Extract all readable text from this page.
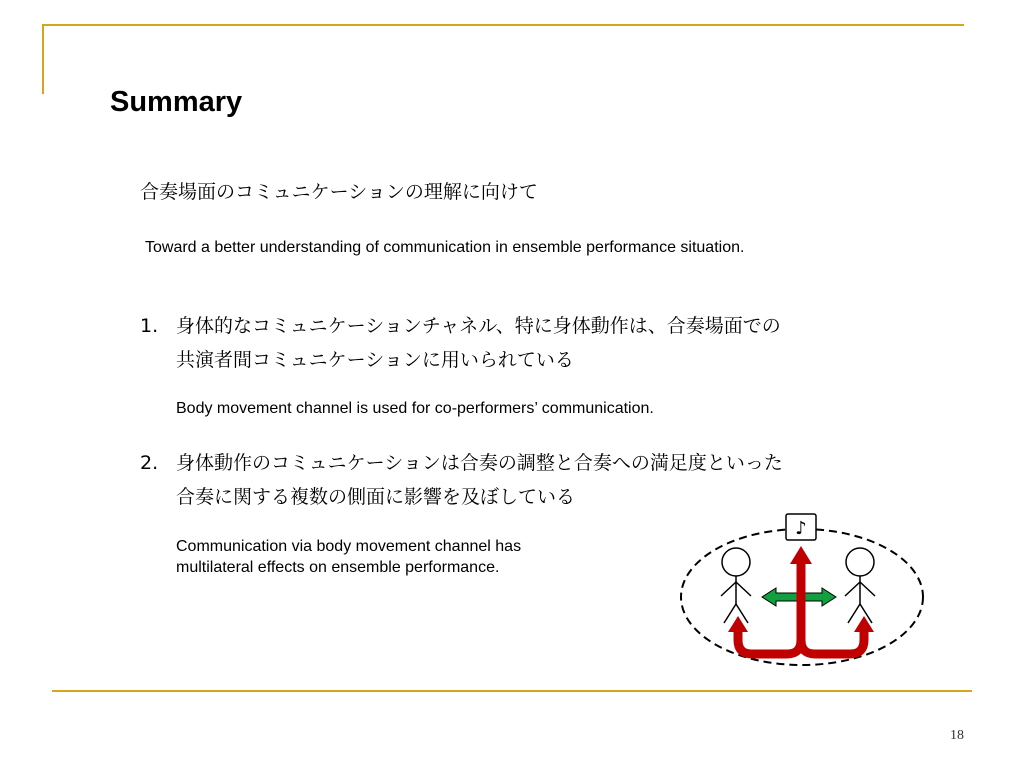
Summary
合奏場面のコミュニケーションの理解に向けて
Toward a better understanding of communication in ensemble performance situation.
1. 身体的なコミュニケーションチャネル、特に身体動作は、合奏場面での
共演者間コミュニケーションに用いられている
Body movement channel is used for co-performers’ communication.
2. 身体動作のコミュニケーションは合奏の調整と合奏への満足度といった
合奏に関する複数の側面に影響を及ぼしている
Communication via body movement channel has
multilateral effects on ensemble performance.
♪
18
